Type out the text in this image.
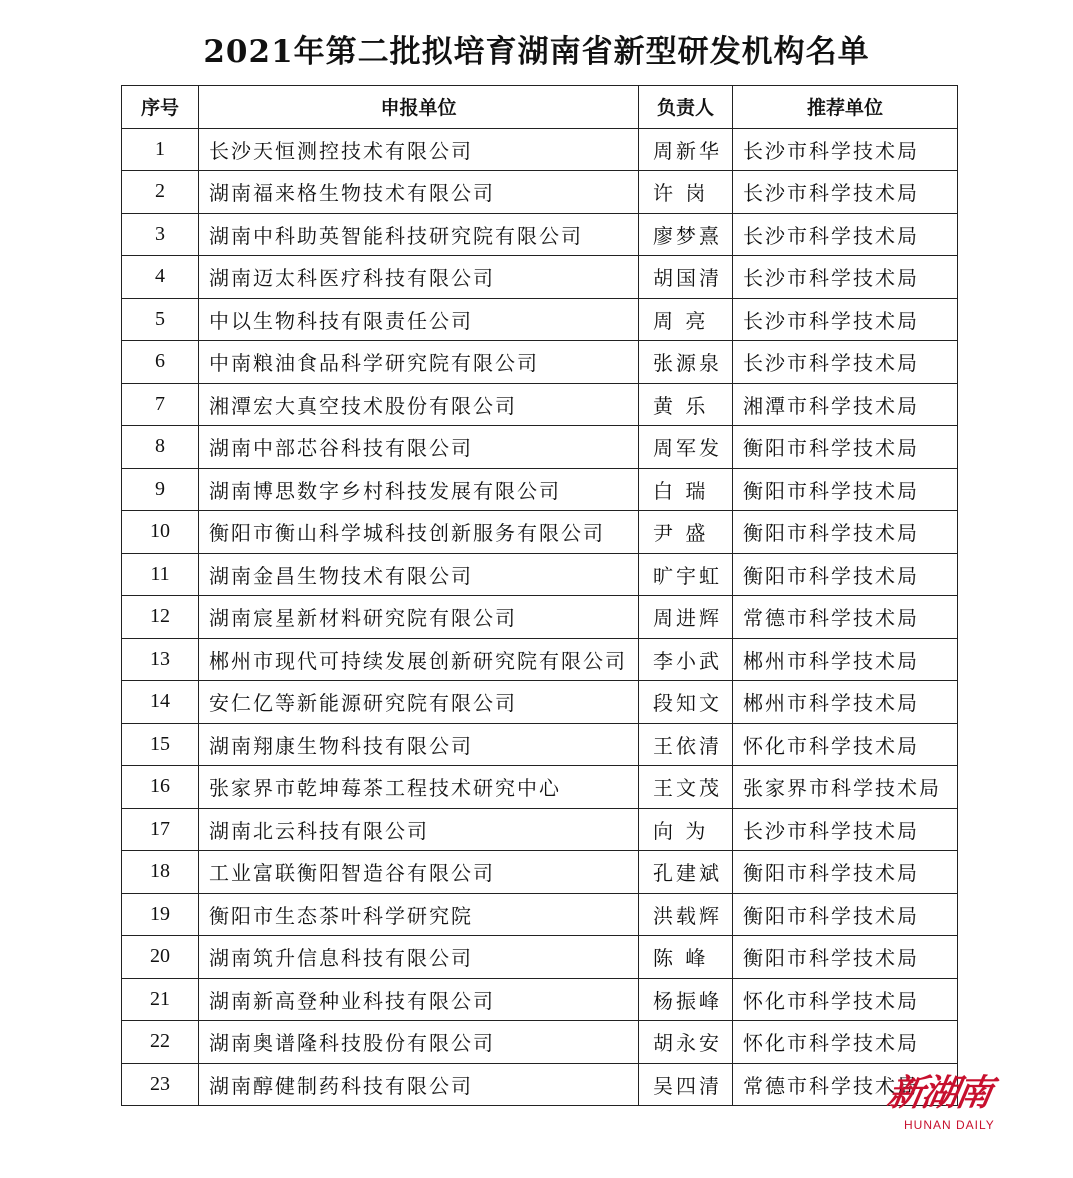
2021年第二批拟培育湖南省新型研发机构名单
序号	申报单位	负责人	推荐单位
1	长沙天恒测控技术有限公司	周新华	长沙市科学技术局
2	湖南福来格生物技术有限公司	许 岗	长沙市科学技术局
3	湖南中科助英智能科技研究院有限公司	廖梦熹	长沙市科学技术局
4	湖南迈太科医疗科技有限公司	胡国清	长沙市科学技术局
5	中以生物科技有限责任公司	周 亮	长沙市科学技术局
6	中南粮油食品科学研究院有限公司	张源泉	长沙市科学技术局
7	湘潭宏大真空技术股份有限公司	黄 乐	湘潭市科学技术局
8	湖南中部芯谷科技有限公司	周军发	衡阳市科学技术局
9	湖南博思数字乡村科技发展有限公司	白 瑞	衡阳市科学技术局
10	衡阳市衡山科学城科技创新服务有限公司	尹 盛	衡阳市科学技术局
11	湖南金昌生物技术有限公司	旷宇虹	衡阳市科学技术局
12	湖南宸星新材料研究院有限公司	周进辉	常德市科学技术局
13	郴州市现代可持续发展创新研究院有限公司	李小武	郴州市科学技术局
14	安仁亿等新能源研究院有限公司	段知文	郴州市科学技术局
15	湖南翔康生物科技有限公司	王依清	怀化市科学技术局
16	张家界市乾坤莓茶工程技术研究中心	王文茂	张家界市科学技术局
17	湖南北云科技有限公司	向 为	长沙市科学技术局
18	工业富联衡阳智造谷有限公司	孔建斌	衡阳市科学技术局
19	衡阳市生态茶叶科学研究院	洪载辉	衡阳市科学技术局
20	湖南筑升信息科技有限公司	陈 峰	衡阳市科学技术局
21	湖南新高登种业科技有限公司	杨振峰	怀化市科学技术局
22	湖南奥谱隆科技股份有限公司	胡永安	怀化市科学技术局
23	湖南醇健制药科技有限公司	吴四清	常德市科学技术局
新湖南
HUNAN DAILY
